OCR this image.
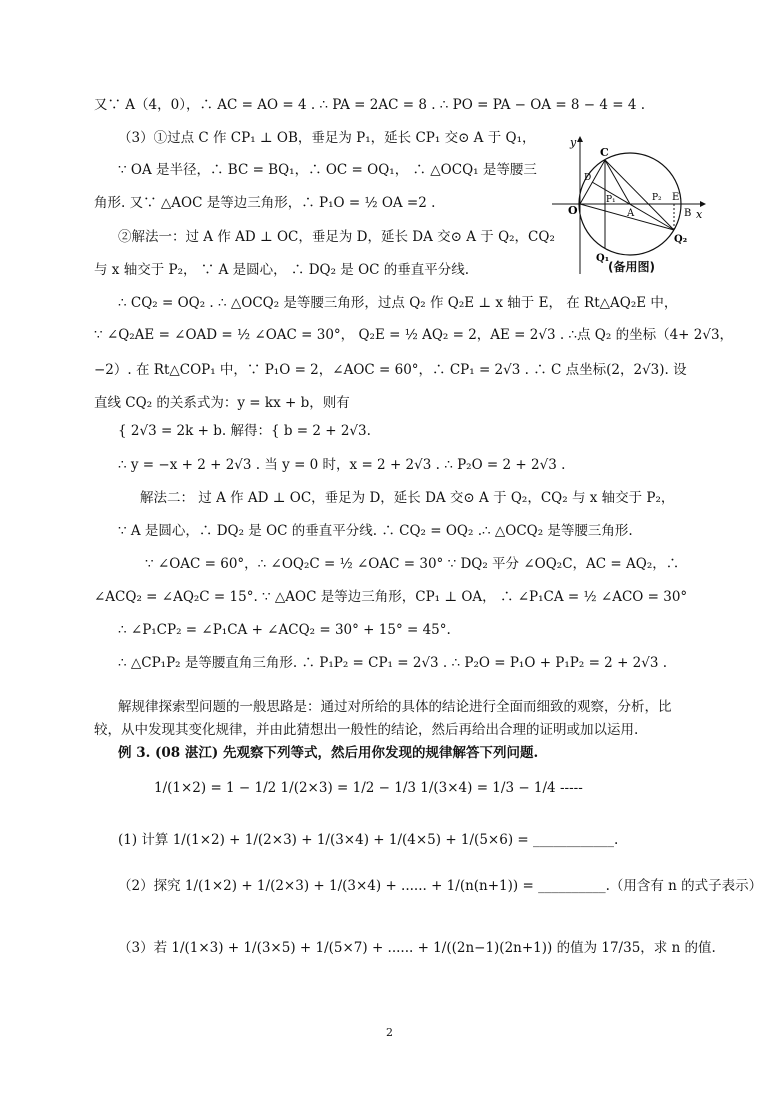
又∵ A（4，0），∴ AC = AO = 4 . ∴ PA = 2AC = 8 . ∴ PO = PA − OA = 8 − 4 = 4 .
（3）①过点 C 作 CP₁ ⊥ OB，垂足为 P₁，延长 CP₁ 交⊙ A 于 Q₁，
∵ OA 是半径，∴ BC = BQ₁，∴ OC = OQ₁， ∴ △OCQ₁ 是等腰三
角形. 又∵ △AOC 是等边三角形，∴ P₁O = ½ OA =2 .
②解法一：过 A 作 AD ⊥ OC，垂足为 D，延长 DA 交⊙ A 于 Q₂，CQ₂
与 x 轴交于 P₂， ∵ A 是圆心， ∴ DQ₂ 是 OC 的垂直平分线.
∴ CQ₂ = OQ₂ . ∴ △OCQ₂ 是等腰三角形，过点 Q₂ 作 Q₂E ⊥ x 轴于 E， 在 Rt△AQ₂E 中，
∵ ∠Q₂AE = ∠OAD = ½ ∠OAC = 30°， Q₂E = ½ AQ₂ = 2，AE = 2√3 . ∴点 Q₂ 的坐标（4+ 2√3，
−2）. 在 Rt△COP₁ 中，∵ P₁O = 2，∠AOC = 60°，∴ CP₁ = 2√3 . ∴ C 点坐标(2，2√3). 设
直线 CQ₂ 的关系式为：y = kx + b，则有
{ 2√3 = 2k + b. 解得：{ b = 2 + 2√3.
∴ y = −x + 2 + 2√3 . 当 y = 0 时，x = 2 + 2√3 . ∴ P₂O = 2 + 2√3 .
解法二： 过 A 作 AD ⊥ OC，垂足为 D，延长 DA 交⊙ A 于 Q₂，CQ₂ 与 x 轴交于 P₂，
∵ A 是圆心，∴ DQ₂ 是 OC 的垂直平分线. ∴ CQ₂ = OQ₂ .∴ △OCQ₂ 是等腰三角形.
∵ ∠OAC = 60°，∴ ∠OQ₂C = ½ ∠OAC = 30° ∵ DQ₂ 平分 ∠OQ₂C，AC = AQ₂，∴
∠ACQ₂ = ∠AQ₂C = 15°. ∵ △AOC 是等边三角形，CP₁ ⊥ OA， ∴ ∠P₁CA = ½ ∠ACO = 30°
∴ ∠P₁CP₂ = ∠P₁CA + ∠ACQ₂ = 30° + 15° = 45°.
∴ △CP₁P₂ 是等腰直角三角形. ∴ P₁P₂ = CP₁ = 2√3 . ∴ P₂O = P₁O + P₁P₂ = 2 + 2√3 .
解规律探索型问题的一般思路是：通过对所给的具体的结论进行全面而细致的观察，分析，比
较，从中发现其变化规律，并由此猜想出一般性的结论，然后再给出合理的证明或加以运用.
例 3. (08 湛江) 先观察下列等式，然后用你发现的规律解答下列问题.
1/(1×2) = 1 − 1/2 1/(2×3) = 1/2 − 1/3 1/(3×4) = 1/3 − 1/4 -----
(1) 计算 1/(1×2) + 1/(2×3) + 1/(3×4) + 1/(4×5) + 1/(5×6) = ____________.
（2）探究 1/(1×2) + 1/(2×3) + 1/(3×4) + ...... + 1/(n(n+1)) = __________.（用含有 n 的式子表示）
（3）若 1/(1×3) + 1/(3×5) + 1/(5×7) + ...... + 1/((2n−1)(2n+1)) 的值为 17/35，求 n 的值.
y
x
O
C
A	B
E
P₁	P₂
Q₁
Q₂
D
(备用图)
2
